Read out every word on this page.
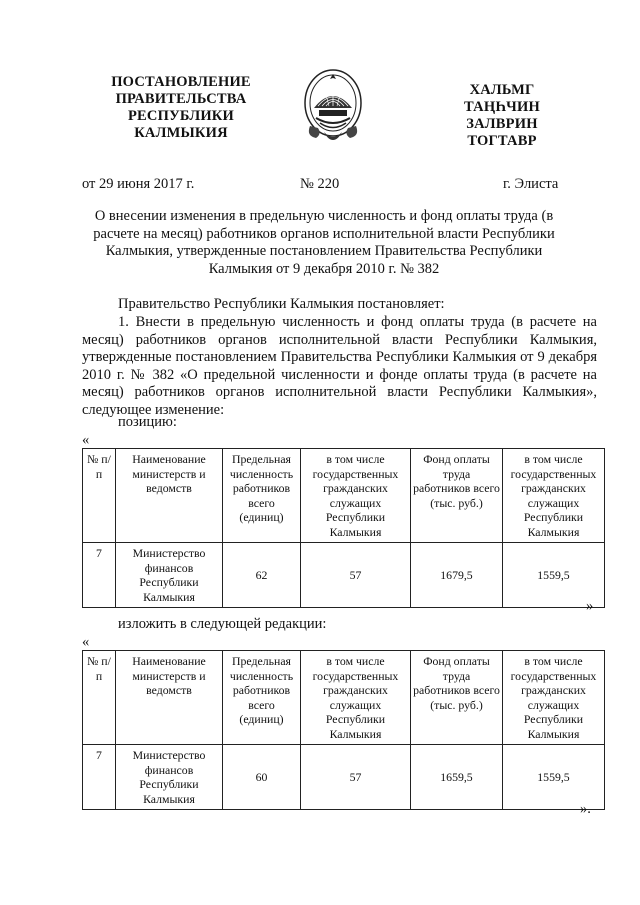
ПОСТАНОВЛЕНИЕ
ПРАВИТЕЛЬСТВА
РЕСПУБЛИКИ
КАЛМЫКИЯ
ХАЛЬМГ
ТАҢҺЧИН
ЗАЛВРИН
ТОГТАВР
от 29 июня 2017 г.	№ 220	г. Элиста
О внесении изменения в предельную численность и фонд оплаты труда (в расчете на месяц) работников органов исполнительной власти Республики Калмыкия, утвержденные постановлением Правительства Республики Калмыкия от 9 декабря 2010 г. № 382
Правительство Республики Калмыкия постановляет:
1. Внести в предельную численность и фонд оплаты труда (в расчете на месяц) работников органов исполнительной власти Республики Калмыкия, утвержденные постановлением Правительства Республики Калмыкия от 9 декабря 2010 г. № 382 «О предельной численности и фонде оплаты труда (в расчете на месяц) работников органов исполнительной власти Республики Калмыкия», следующее изменение:
позицию:
«
№ п/п	Наименование министерств и ведомств	Предельная численность работников всего (единиц)	в том числе государственных гражданских служащих Республики Калмыкия	Фонд оплаты труда работников всего (тыс. руб.)	в том числе государственных гражданских служащих Республики Калмыкия
7	Министерство финансов Республики Калмыкия	62	57	1679,5	1559,5
»
изложить в следующей редакции:
«
№ п/п	Наименование министерств и ведомств	Предельная численность работников всего (единиц)	в том числе государственных гражданских служащих Республики Калмыкия	Фонд оплаты труда работников всего (тыс. руб.)	в том числе государственных гражданских служащих Республики Калмыкия
7	Министерство финансов Республики Калмыкия	60	57	1659,5	1559,5
».
